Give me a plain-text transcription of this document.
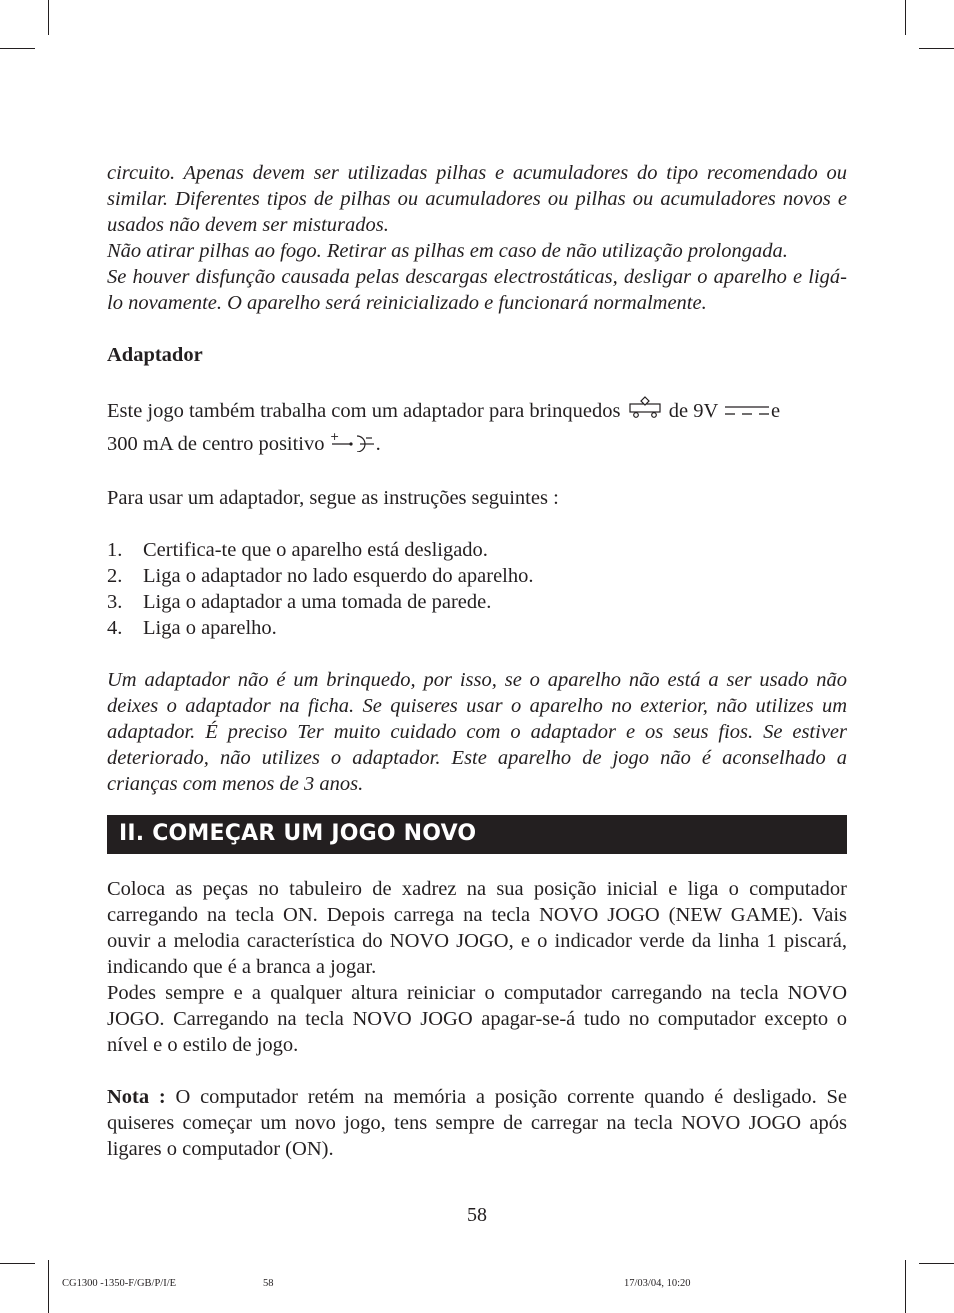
circuito. Apenas devem ser utilizadas pilhas e acumuladores do tipo recomendado ou similar. Diferentes tipos de pilhas ou acumuladores ou pilhas ou acumuladores novos e usados não devem ser misturados.

Não atirar pilhas ao fogo. Retirar as pilhas em caso de não utilização prolongada.

Se houver disfunção causada pelas descargas electrostáticas, desligar o aparelho e ligá-lo novamente. O aparelho será reinicializado e funcionará normalmente.

Adaptador

Este jogo também trabalha com um adaptador para brinquedos de 9V	e
300 mA de centro positivo + .

Para usar um adaptador, segue as instruções seguintes :

1.	Certifica-te que o aparelho está desligado.
2.	Liga o adaptador no lado esquerdo do aparelho.
3.	Liga o adaptador a uma tomada de parede.
4.	Liga o aparelho.

Um adaptador não é um brinquedo, por isso, se o aparelho não está a ser usado não deixes o adaptador na ficha. Se quiseres usar o aparelho no exterior, não utilizes um adaptador. É preciso Ter muito cuidado com o adaptador e os seus fios. Se estiver deteriorado, não utilizes o adaptador. Este aparelho de jogo não é aconselhado a crianças com menos de 3 anos.

II. COMEÇAR UM JOGO NOVO

Coloca as peças no tabuleiro de xadrez na sua posição inicial e liga o computador carregando na tecla ON. Depois carrega na tecla NOVO JOGO (NEW GAME). Vais ouvir a melodia característica do NOVO JOGO, e o indicador verde da linha 1 piscará, indicando que é a branca a jogar.

Podes sempre e a qualquer altura reiniciar o computador carregando na tecla NOVO JOGO. Carregando na tecla NOVO JOGO apagar-se-á tudo no computador excepto o nível e o estilo de jogo.

Nota : O computador retém na memória a posição corrente quando é desligado. Se quiseres começar um novo jogo, tens sempre de carregar na tecla NOVO JOGO após ligares o computador (ON).

58
CG1300 -1350-F/GB/P/I/E	58	17/03/04, 10:20
